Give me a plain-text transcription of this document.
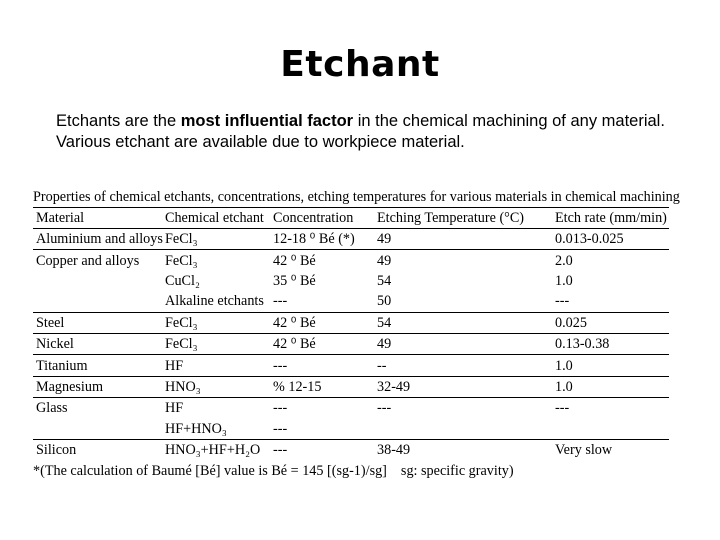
Etchant
Etchants are the most influential factor in the chemical machining of any material. Various etchant are available due to workpiece material.
Properties of chemical etchants, concentrations, etching temperatures for various materials in chemical machining
Material	Chemical etchant	Concentration	Etching Temperature (°C)	Etch rate (mm/min)
Aluminium and alloys	FeCl₃	12-18 ⁰ Bé (*)	49	0.013-0.025
Copper and alloys	FeCl₃	42 ⁰ Bé	49	2.0
	CuCl₂	35 ⁰ Bé	54	1.0
	Alkaline etchants	---	50	---
Steel	FeCl₃	42 ⁰ Bé	54	0.025
Nickel	FeCl₃	42 ⁰ Bé	49	0.13-0.38
Titanium	HF	---	--	1.0
Magnesium	HNO₃	% 12-15	32-49	1.0
Glass	HF	---	---	---
	HF+HNO₃	---		
Silicon	HNO₃+HF+H₂O	---	38-49	Very slow
*(The calculation of Baumé [Bé] value is Bé = 145 [(sg-1)/sg] sg: specific gravity)
